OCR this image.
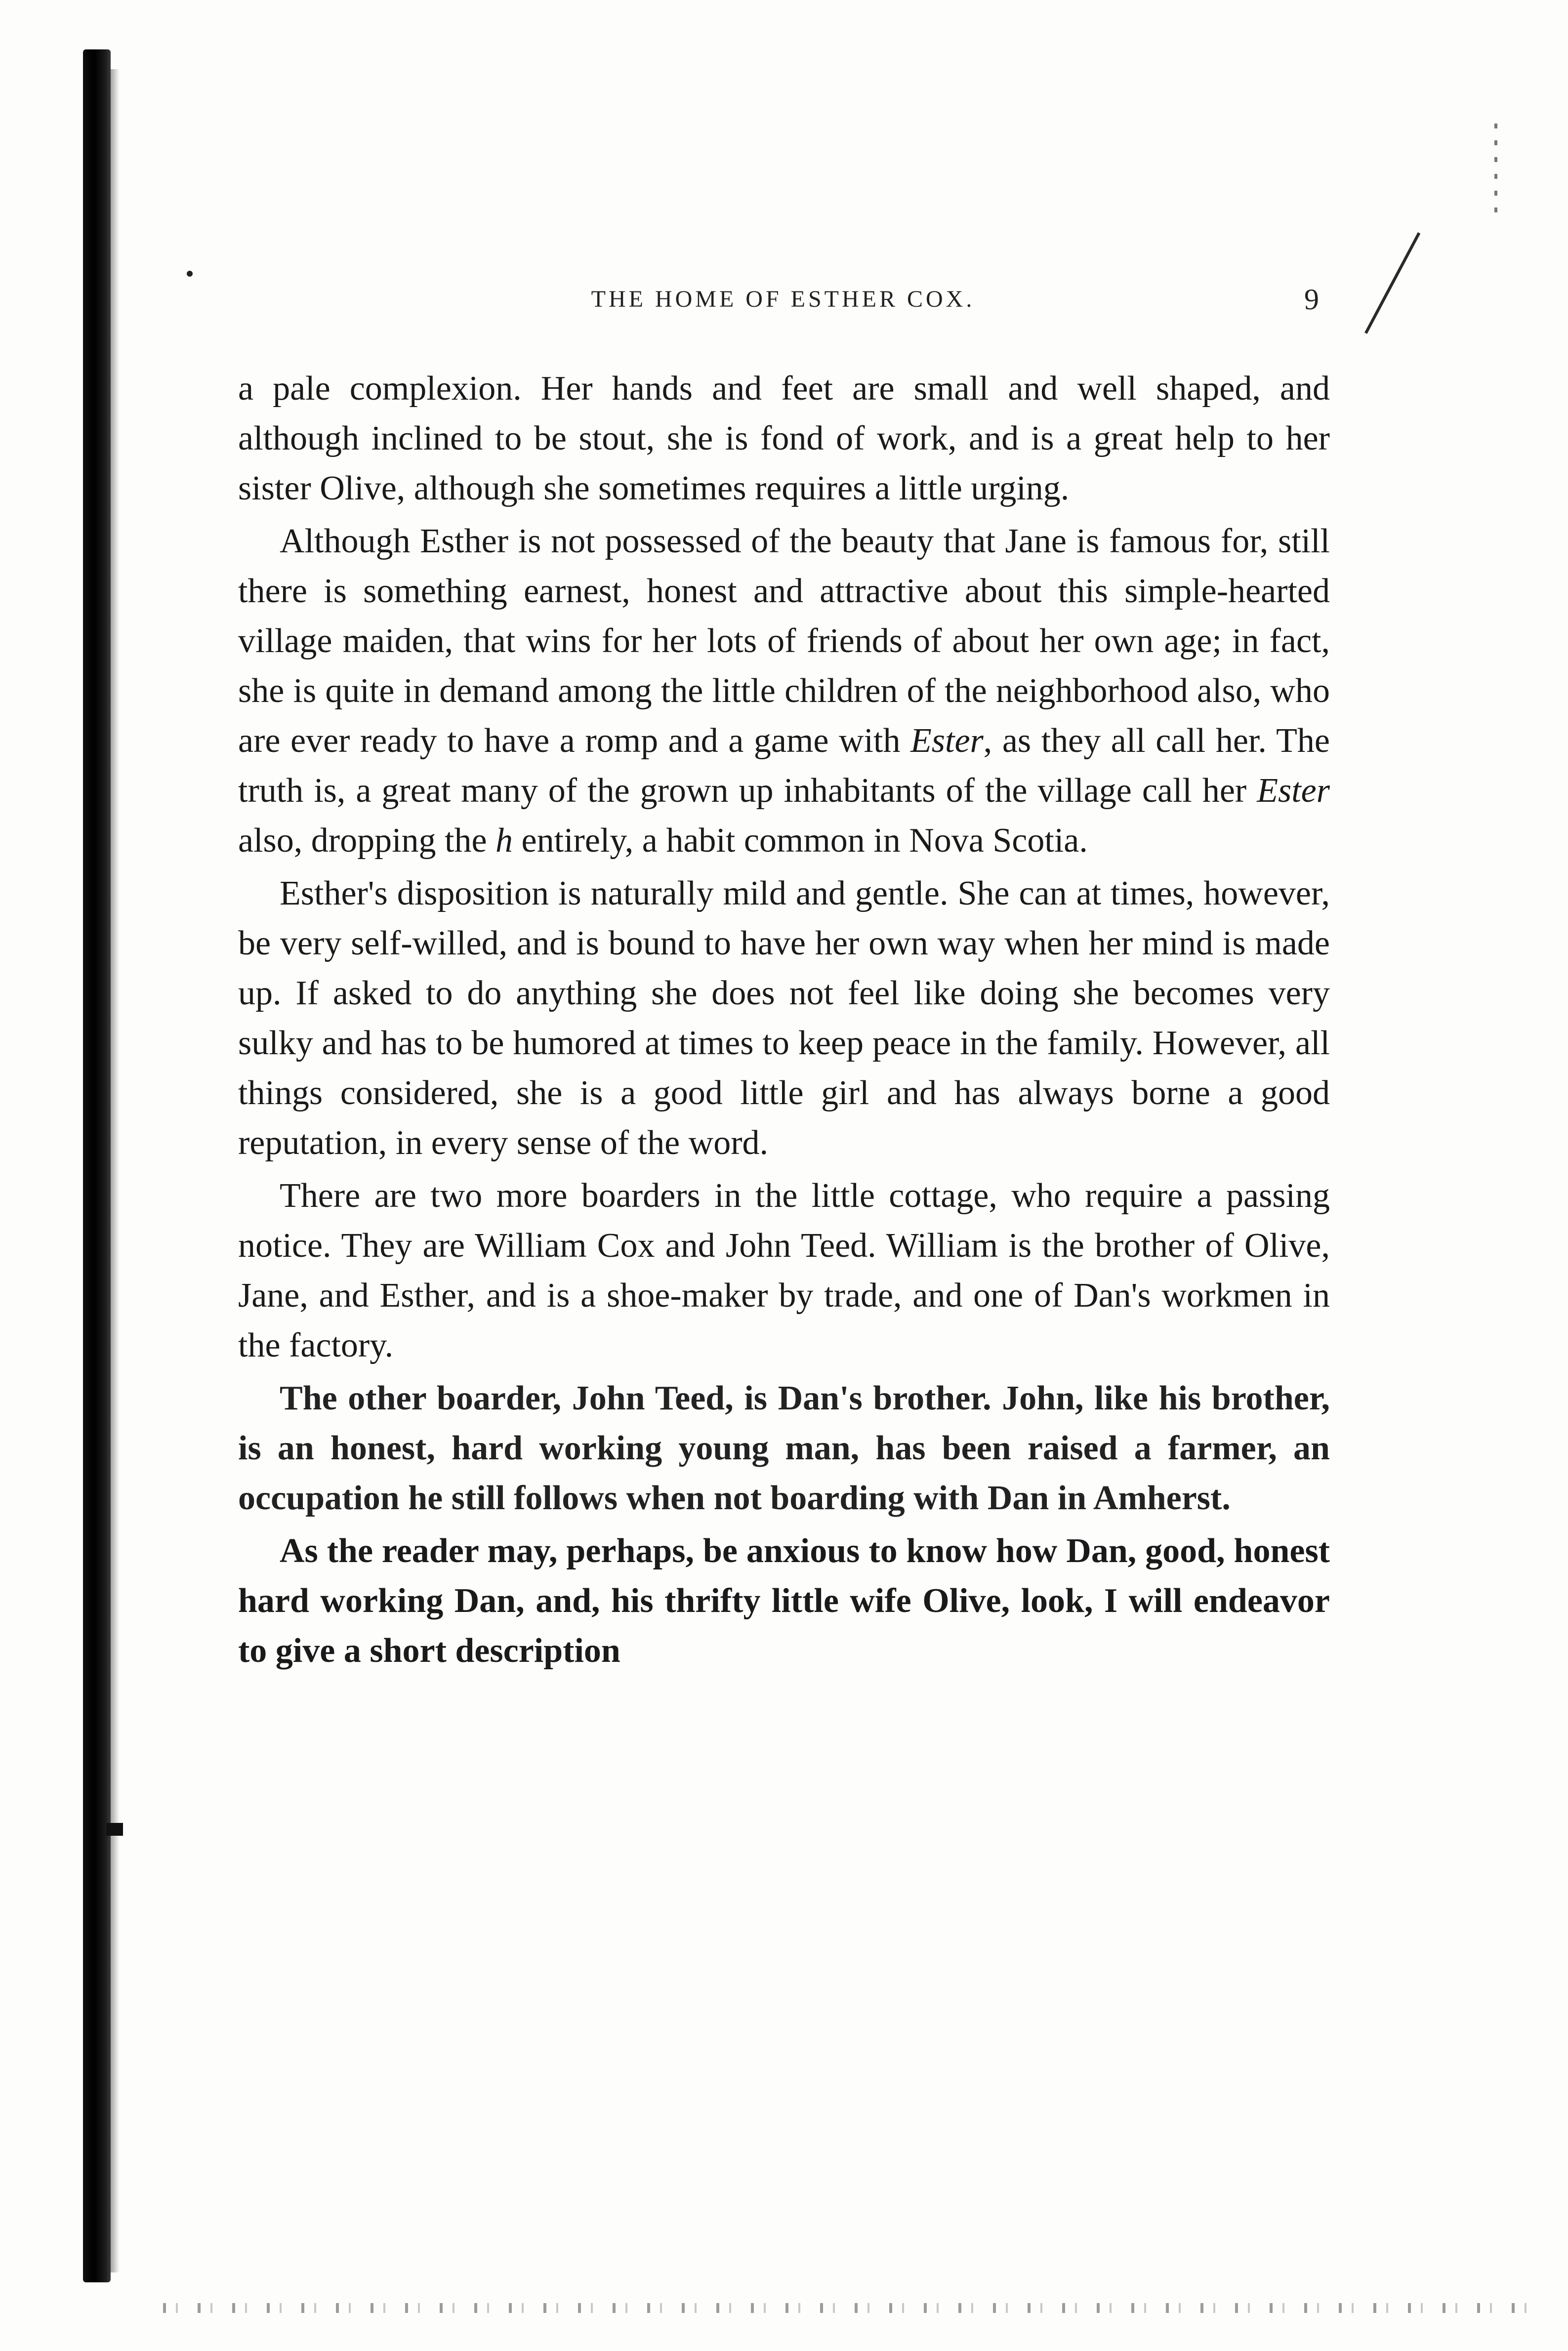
THE HOME OF ESTHER COX.	9

a pale complexion. Her hands and feet are small and well shaped, and although inclined to be stout, she is fond of work, and is a great help to her sister Olive, although she sometimes requires a little urging.

Although Esther is not possessed of the beauty that Jane is famous for, still there is something earnest, honest and attractive about this simple-hearted village maiden, that wins for her lots of friends of about her own age; in fact, she is quite in demand among the little children of the neighborhood also, who are ever ready to have a romp and a game with Ester, as they all call her. The truth is, a great many of the grown up inhabitants of the village call her Ester also, dropping the h entirely, a habit common in Nova Scotia.

Esther's disposition is naturally mild and gentle. She can at times, however, be very self-willed, and is bound to have her own way when her mind is made up. If asked to do anything she does not feel like doing she becomes very sulky and has to be humored at times to keep peace in the family. However, all things considered, she is a good little girl and has always borne a good reputation, in every sense of the word.

There are two more boarders in the little cottage, who require a passing notice. They are William Cox and John Teed. William is the brother of Olive, Jane, and Esther, and is a shoe-maker by trade, and one of Dan's workmen in the factory.

The other boarder, John Teed, is Dan's brother. John, like his brother, is an honest, hard working young man, has been raised a farmer, an occupation he still follows when not boarding with Dan in Amherst.

As the reader may, perhaps, be anxious to know how Dan, good, honest hard working Dan, and, his thrifty little wife Olive, look, I will endeavor to give a short description
